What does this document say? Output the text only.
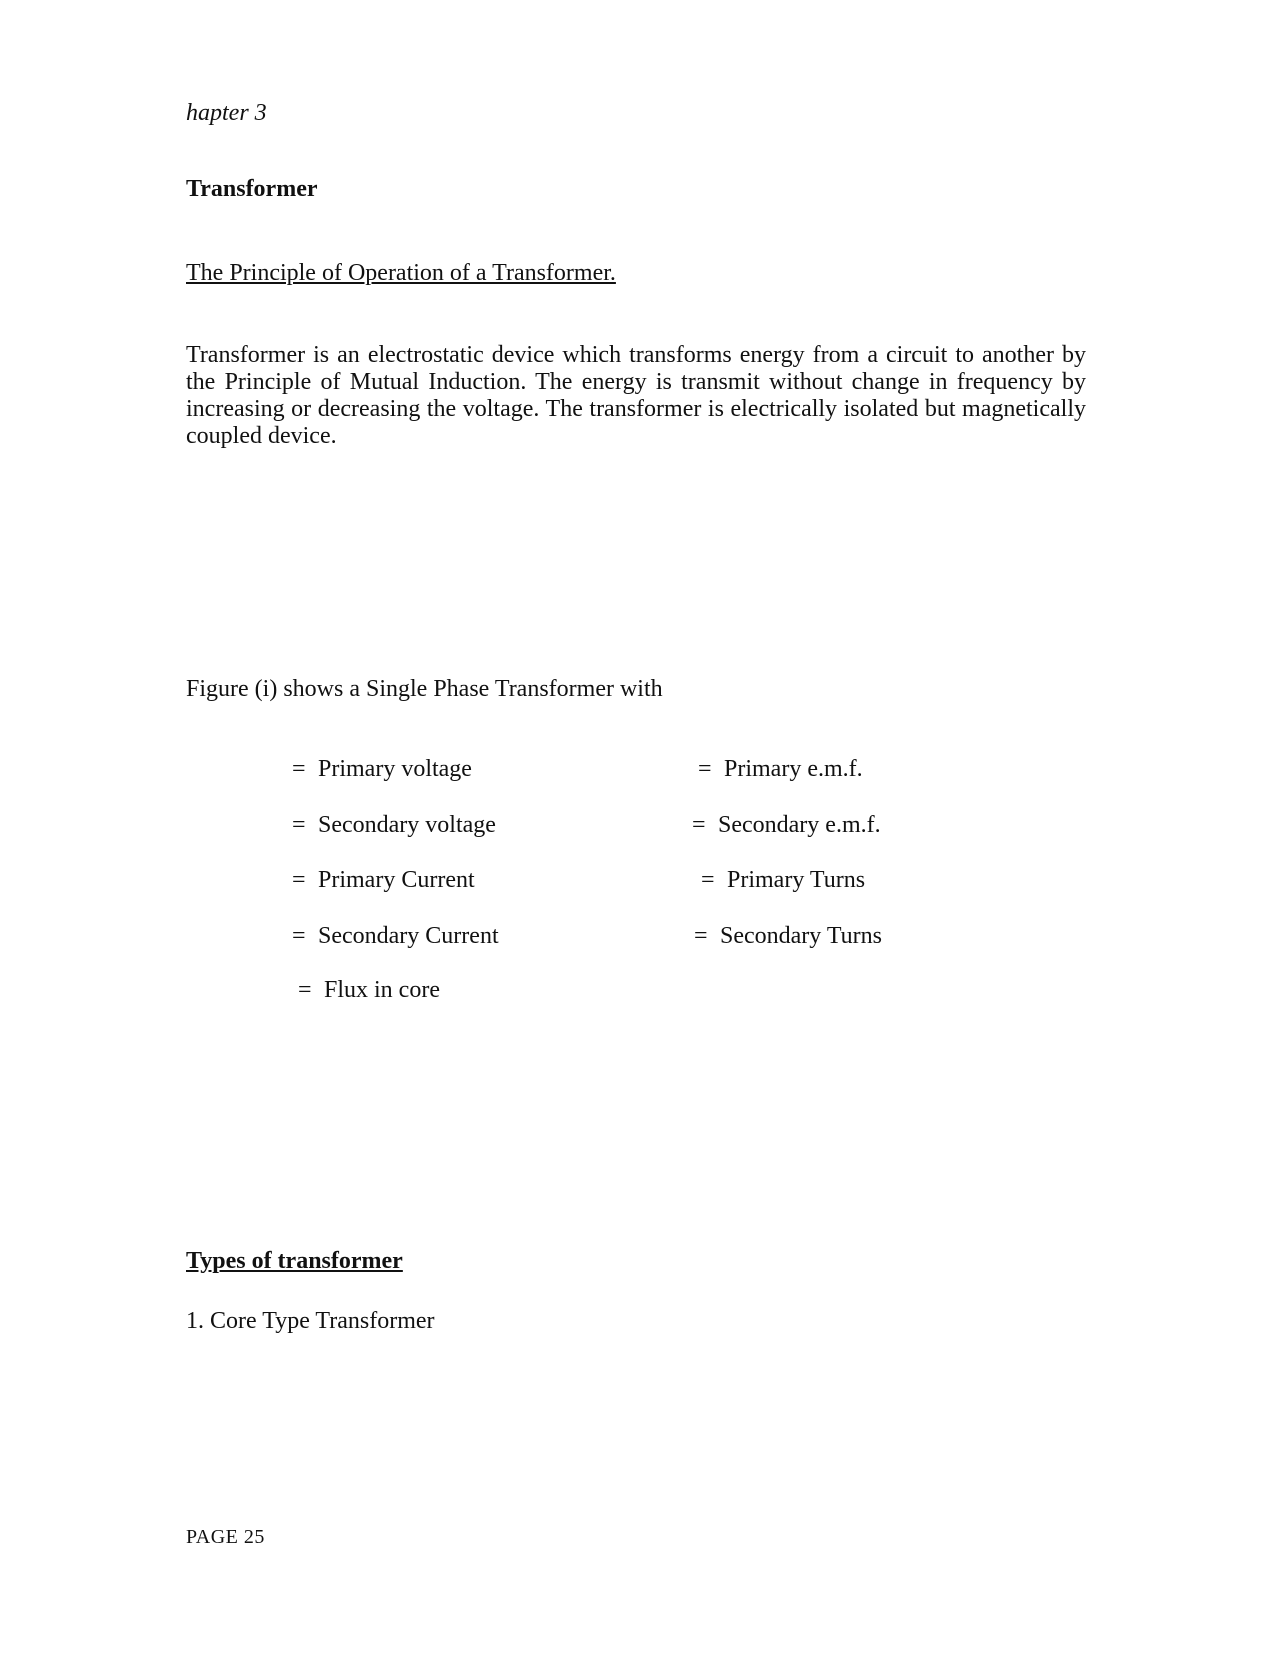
hapter 3
Transformer
The Principle of Operation of a Transformer.
Transformer is an electrostatic device which transforms energy from a circuit to another by the Principle of Mutual Induction. The energy is transmit without change in frequency by increasing or decreasing the voltage. The transformer is electrically isolated but magnetically coupled device.
Figure (i) shows a Single Phase Transformer with
= Primary voltage
= Secondary voltage
= Primary Current
= Secondary Current
= Flux in core
= Primary e.m.f.
= Secondary e.m.f.
= Primary Turns
= Secondary Turns
Types of transformer
1. Core Type Transformer
PAGE 25
